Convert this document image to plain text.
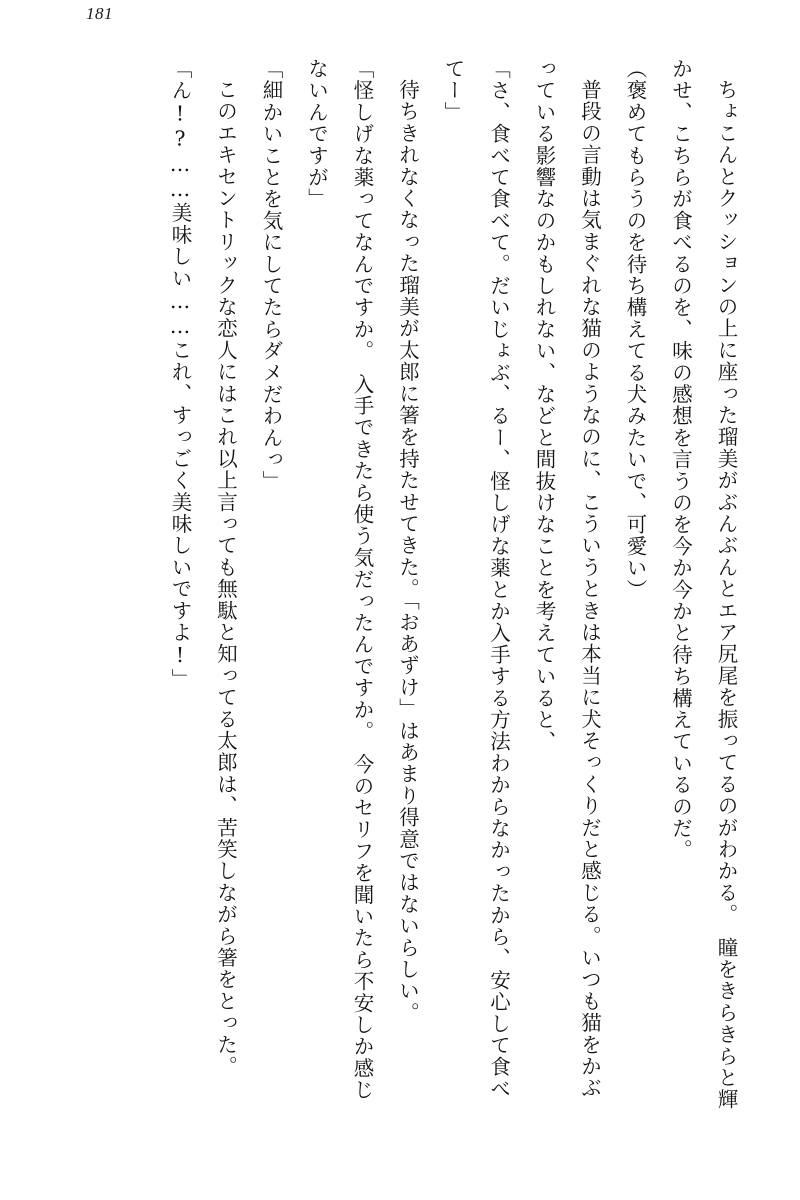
181

ちょこんとクッションの上に座った瑠美がぶんぶんとエア尻尾を振ってるのがわかる。　瞳をきらきらと輝かせ、こちらが食べるのを、味の感想を言うのを今か今かと待ち構えているのだ。

（褒めてもらうのを待ち構えてる犬みたいで、可愛い）

普段の言動は気まぐれな猫のようなのに、こういうときは本当に犬そっくりだと感じる。いつも猫をかぶっている影響なのかもしれない、などと間抜けなことを考えていると、

「さ、食べて食べて。だいじょぶ、るー、怪しげな薬とか入手する方法わからなかったから、安心して食べてー」

待ちきれなくなった瑠美が太郎に箸を持たせてきた。「おあずけ」はあまり得意ではないらしい。

「怪しげな薬ってなんですか。　入手できたら使う気だったんですか。　今のセリフを聞いたら不安しか感じないんですが」

「細かいことを気にしてたらダメだわんっ」

このエキセントリックな恋人にはこれ以上言っても無駄と知ってる太郎は、苦笑しながら箸をとった。

「ん!?……美味しい……これ、すっごく美味しいですよ!」
